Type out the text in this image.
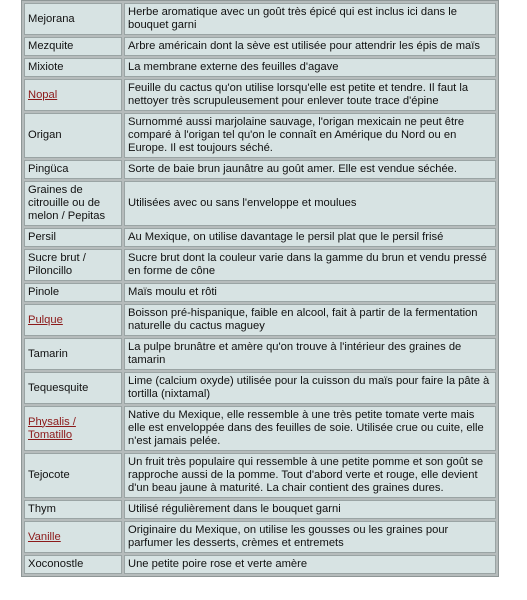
Mejorana	Herbe aromatique avec un goût très épicé qui est inclus ici dans le bouquet garni
Mezquite	Arbre américain dont la sève est utilisée pour attendrir les épis de maïs
Mixiote	La membrane externe des feuilles d'agave
Nopal	Feuille du cactus qu'on utilise lorsqu'elle est petite et tendre. Il faut la nettoyer très scrupuleusement pour enlever toute trace d'épine
Origan	Surnommé aussi marjolaine sauvage, l'origan mexicain ne peut être comparé à l'origan tel qu'on le connaît en Amérique du Nord ou en Europe. Il est toujours séché.
Pingüca	Sorte de baie brun jaunâtre au goût amer. Elle est vendue séchée.
Graines de citrouille ou de melon / Pepitas	Utilisées avec ou sans l'enveloppe et moulues
Persil	Au Mexique, on utilise davantage le persil plat que le persil frisé
Sucre brut / Piloncillo	Sucre brut dont la couleur varie dans la gamme du brun et vendu pressé en forme de cône
Pinole	Maïs moulu et rôti
Pulque	Boisson pré-hispanique, faible en alcool, fait à partir de la fermentation naturelle du cactus maguey
Tamarin	La pulpe brunâtre et amère qu'on trouve à l'intérieur des graines de tamarin
Tequesquite	Lime (calcium oxyde) utilisée pour la cuisson du maïs pour faire la pâte à tortilla (nixtamal)
Physalis / Tomatillo	Native du Mexique, elle ressemble à une très petite tomate verte mais elle est enveloppée dans des feuilles de soie. Utilisée crue ou cuite, elle n'est jamais pelée.
Tejocote	Un fruit très populaire qui ressemble à une petite pomme et son goût se rapproche aussi de la pomme. Tout d'abord verte et rouge, elle devient d'un beau jaune à maturité. La chair contient des graines dures.
Thym	Utilisé régulièrement dans le bouquet garni
Vanille	Originaire du Mexique, on utilise les gousses ou les graines pour parfumer les desserts, crèmes et entremets
Xoconostle	Une petite poire rose et verte amère
